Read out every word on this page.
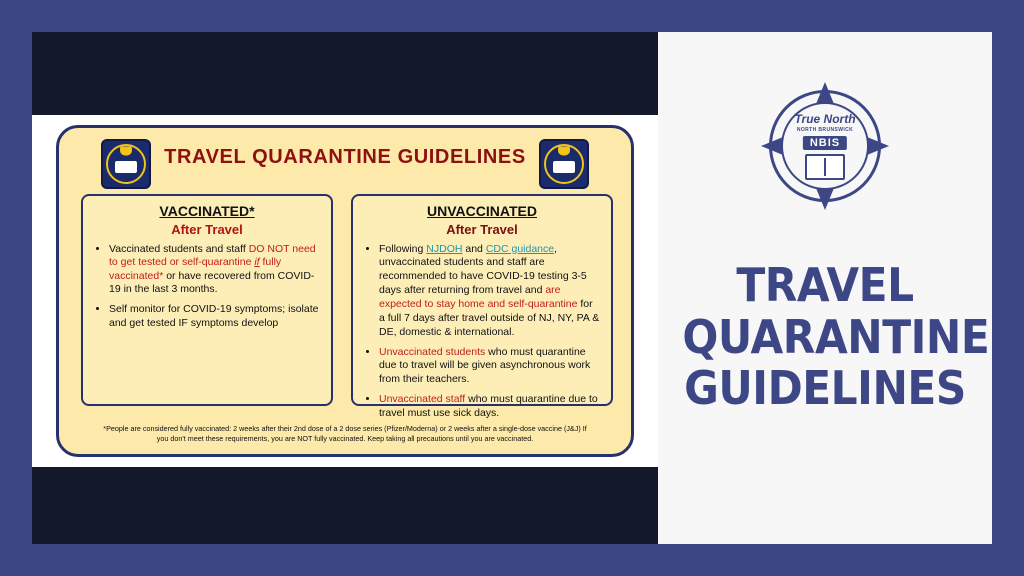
TRAVEL QUARANTINE GUIDELINES
VACCINATED*
After Travel
• Vaccinated students and staff DO NOT need to get tested or self-quarantine if fully vaccinated* or have recovered from COVID-19 in the last 3 months.
• Self monitor for COVID-19 symptoms; isolate and get tested IF symptoms develop
UNVACCINATED
After Travel
• Following NJDOH and CDC guidance, unvaccinated students and staff are recommended to have COVID-19 testing 3-5 days after returning from travel and are expected to stay home and self-quarantine for a full 7 days after travel outside of NJ, NY, PA & DE, domestic & international.
• Unvaccinated students who must quarantine due to travel will be given asynchronous work from their teachers.
• Unvaccinated staff who must quarantine due to travel must use sick days.
*People are considered fully vaccinated: 2 weeks after their 2nd dose of a 2 dose series (Pfizer/Moderna) or 2 weeks after a single-dose vaccine (J&J) If you don't meet these requirements, you are NOT fully vaccinated. Keep taking all precautions until you are vaccinated.
True North
NORTH BRUNSWICK
NBIS
TRAVEL
QUARANTINE
GUIDELINES
